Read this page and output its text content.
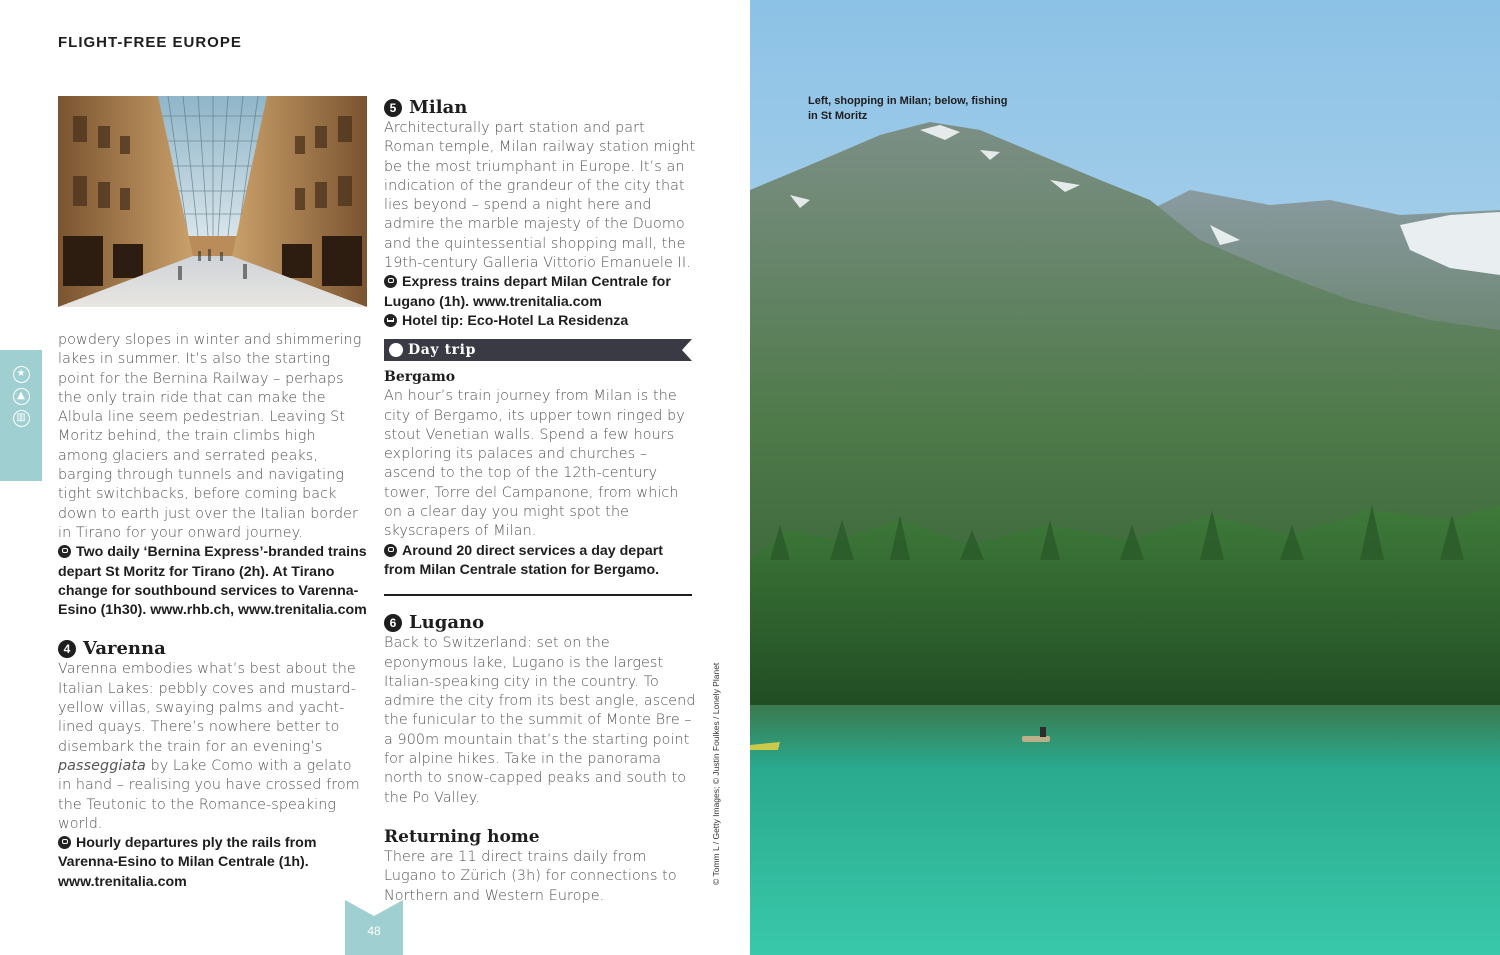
FLIGHT-FREE EUROPE
★
▲
▥

powdery slopes in winter and shimmering lakes in summer. It’s also the starting point for the Bernina Railway – perhaps the only train ride that can make the Albula line seem pedestrian. Leaving St Moritz behind, the train climbs high among glaciers and serrated peaks, barging through tunnels and navigating tight switchbacks, before coming back down to earth just over the Italian border in Tirano for your onward journey.

Two daily ‘Bernina Express’-branded trains depart St Moritz for Tirano (2h). At Tirano change for southbound services to Varenna-Esino (1h30). www.rhb.ch, www.trenitalia.com

4 Varenna

Varenna embodies what’s best about the Italian Lakes: pebbly coves and mustard-yellow villas, swaying palms and yacht-lined quays. There’s nowhere better to disembark the train for an evening’s passeggiata by Lake Como with a gelato in hand – realising you have crossed from the Teutonic to the Romance-speaking world.

Hourly departures ply the rails from Varenna-Esino to Milan Centrale (1h). www.trenitalia.com

5 Milan

Architecturally part station and part Roman temple, Milan railway station might be the most triumphant in Europe. It’s an indication of the grandeur of the city that lies beyond – spend a night here and admire the marble majesty of the Duomo and the quintessential shopping mall, the 19th-century Galleria Vittorio Emanuele II.

Express trains depart Milan Centrale for Lugano (1h). www.trenitalia.com

Hotel tip: Eco-Hotel La Residenza

Day trip

Bergamo

An hour’s train journey from Milan is the city of Bergamo, its upper town ringed by stout Venetian walls. Spend a few hours exploring its palaces and churches – ascend to the top of the 12th-century tower, Torre del Campanone, from which on a clear day you might spot the skyscrapers of Milan.

Around 20 direct services a day depart from Milan Centrale station for Bergamo.

6 Lugano

Back to Switzerland: set on the eponymous lake, Lugano is the largest Italian-speaking city in the country. To admire the city from its best angle, ascend the funicular to the summit of Monte Bre – a 900m mountain that’s the starting point for alpine hikes. Take in the panorama north to snow-capped peaks and south to the Po Valley.

Returning home

There are 11 direct trains daily from Lugano to Zürich (3h) for connections to Northern and Western Europe.

48
© Tomm L / Getty Images; © Justin Foulkes / Lonely Planet
Left, shopping in Milan; below, fishing in St Moritz
